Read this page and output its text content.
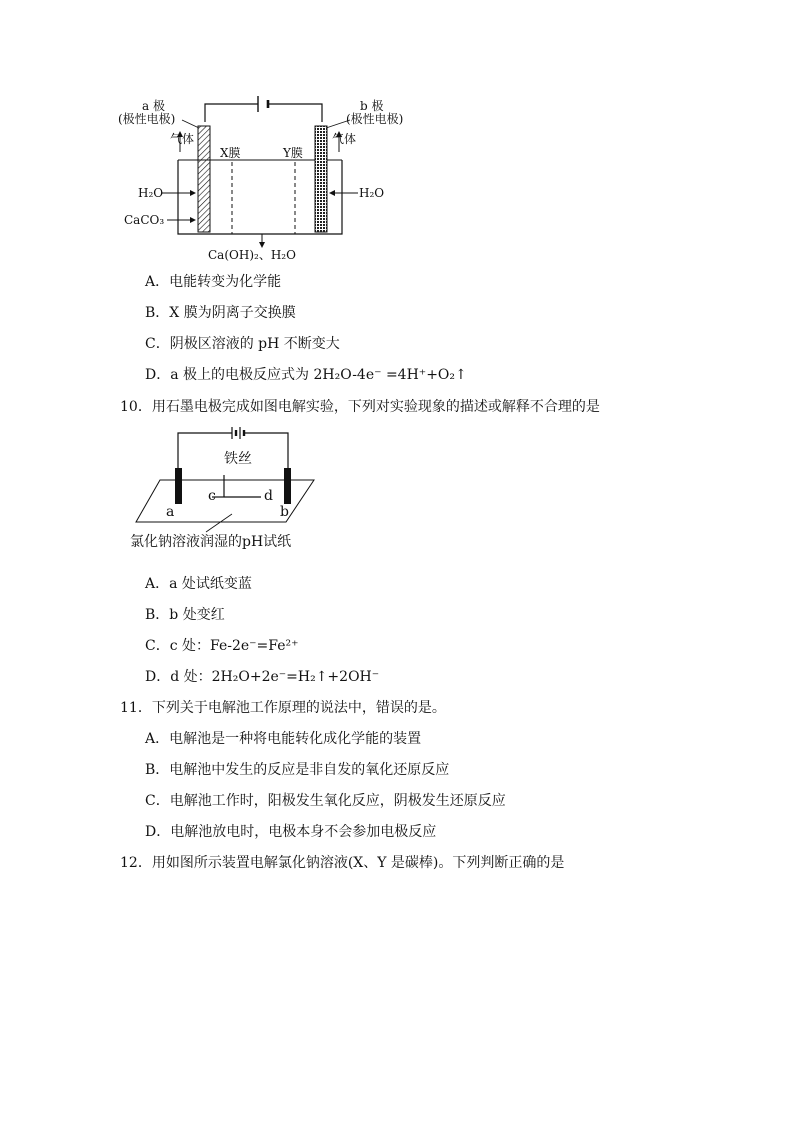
a 极
(极性电极)
b 极
(极性电极)
气体	气体
X膜	Y膜
H₂O
CaCO₃
H₂O
Ca(OH)₂、H₂O
A．电能转变为化学能
B．X 膜为阴离子交换膜
C．阴极区溶液的 pH 不断变大
D．a 极上的电极反应式为 2H₂O-4e⁻ =4H⁺+O₂↑
10．用石墨电极完成如图电解实验，下列对实验现象的描述或解释不合理的是
铁丝
c	d
a	b
氯化钠溶液润湿的pH试纸
A．a 处试纸变蓝
B．b 处变红
C．c 处：Fe-2e⁻=Fe²⁺
D．d 处：2H₂O+2e⁻=H₂↑+2OH⁻
11．下列关于电解池工作原理的说法中，错误的是。
A．电解池是一种将电能转化成化学能的装置
B．电解池中发生的反应是非自发的氧化还原反应
C．电解池工作时，阳极发生氧化反应，阴极发生还原反应
D．电解池放电时，电极本身不会参加电极反应
12．用如图所示装置电解氯化钠溶液(X、Y 是碳棒)。下列判断正确的是
